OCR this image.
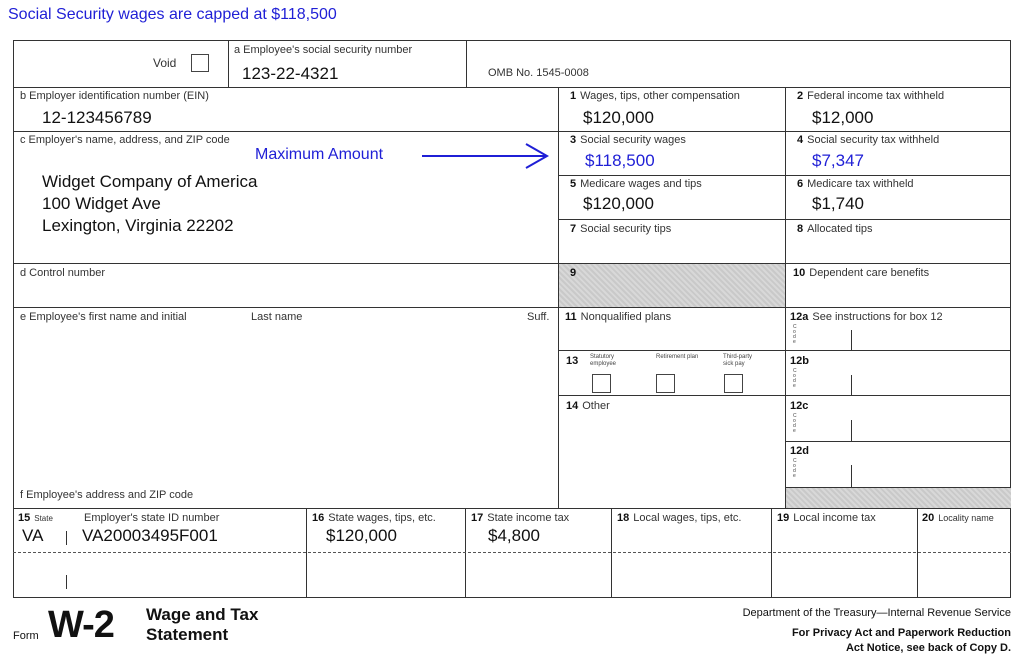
Social Security wages are capped at $118,500
Void
a Employee's social security number
123-22-4321	OMB No. 1545-0008
b Employer identification number (EIN)
12-123456789
c Employer's name, address, and ZIP code
Widget Company of America
100 Widget Ave
Lexington, Virginia 22202
Maximum Amount
d Control number
e Employee's first name and initial	Last name	Suff.
f Employee's address and ZIP code
1 Wages, tips, other compensation
$120,000
2 Federal income tax withheld
$12,000
3 Social security wages
$118,500
4 Social security tax withheld
$7,347
5 Medicare wages and tips
$120,000
6 Medicare tax withheld
$1,740
7 Social security tips	8 Allocated tips
9	10 Dependent care benefits
11 Nonqualified plans	12a See instructions for box 12
Code
12b
Code
12c
Code
12d
Code
13	Statutory employee
Retirement plan	Third-party sick pay
14 Other
15 State	Employer's state ID number
VA VA20003495F001
16 State wages, tips, etc.
$120,000
17 State income tax
$4,800
18 Local wages, tips, etc.	19 Local income tax	20 Locality name
Form W-2 Wage and Tax
Statement
Department of the Treasury—Internal Revenue Service
For Privacy Act and Paperwork Reduction
Act Notice, see back of Copy D.
